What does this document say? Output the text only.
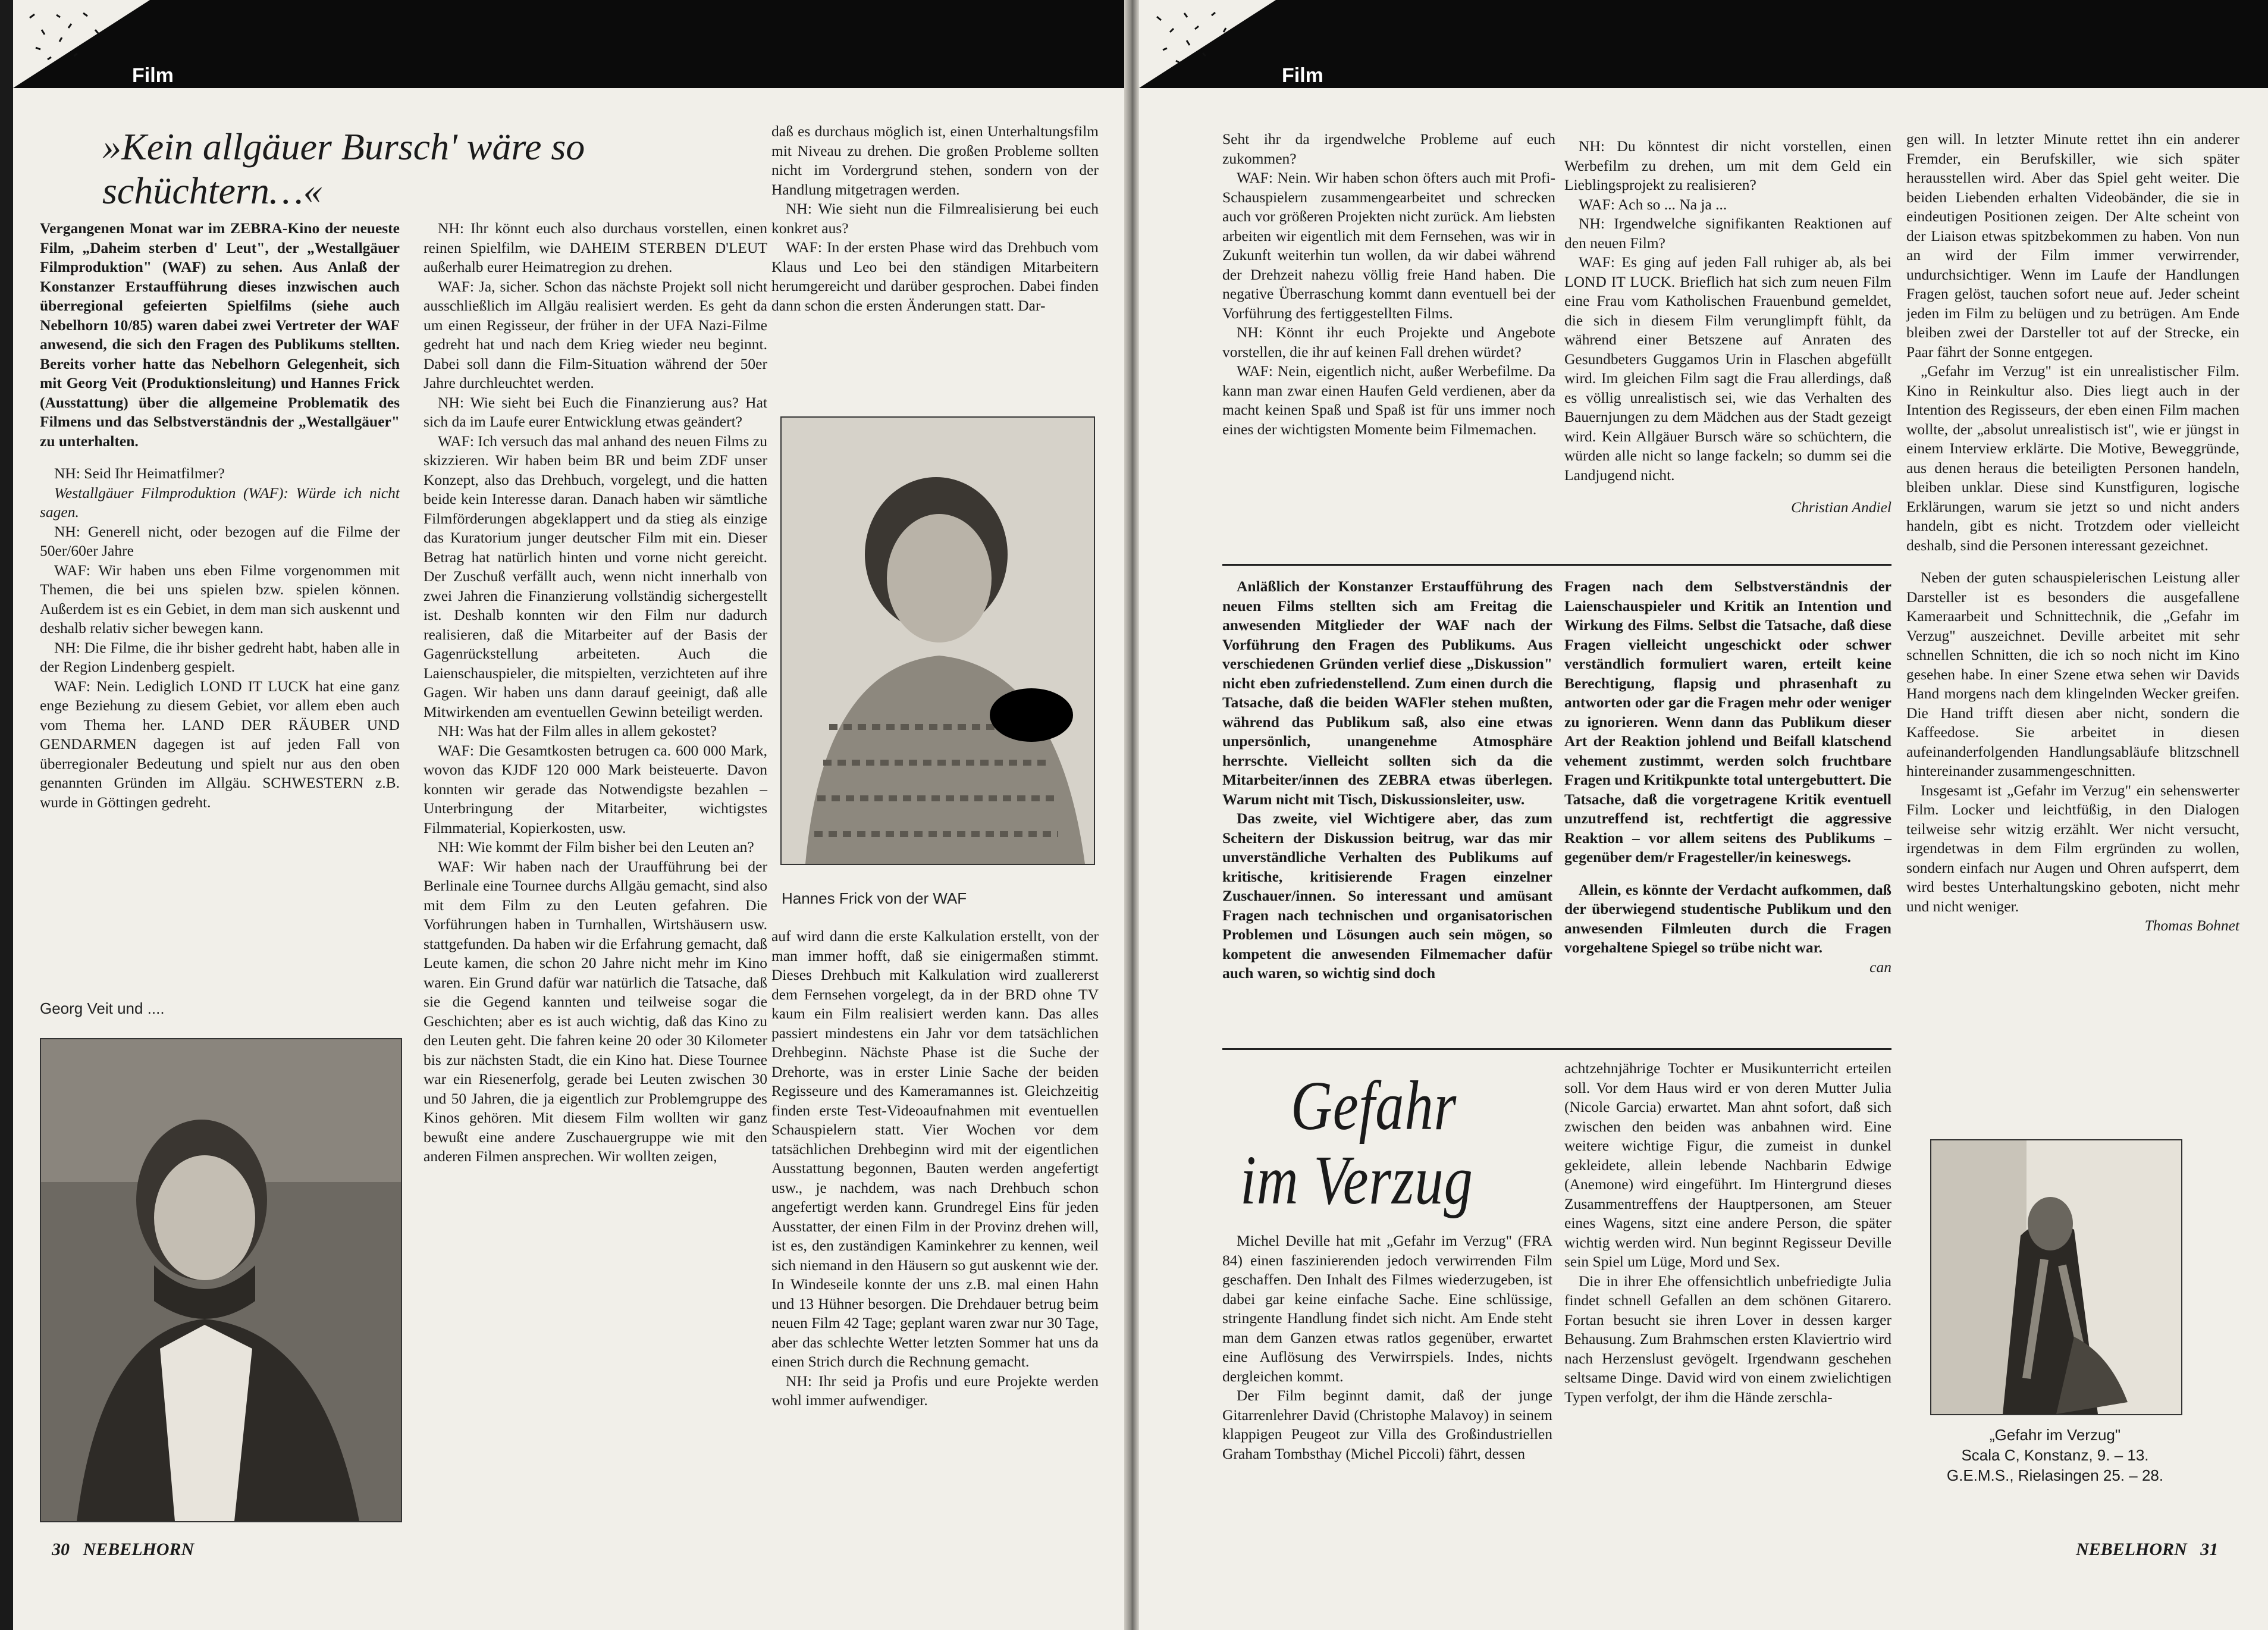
Film
»Kein allgäuer Bursch' wäre so schüchtern…«

Vergangenen Monat war im ZEBRA-Kino der neueste Film, „Daheim sterben d' Leut", der „Westallgäuer Filmproduktion" (WAF) zu sehen. Aus Anlaß der Konstanzer Erstaufführung dieses inzwischen auch überregional gefeierten Spielfilms (siehe auch Nebelhorn 10/85) waren dabei zwei Vertreter der WAF anwesend, die sich den Fragen des Publikums stellten. Bereits vorher hatte das Nebelhorn Gelegenheit, sich mit Georg Veit (Produktionsleitung) und Hannes Frick (Ausstattung) über die allgemeine Problematik des Filmens und das Selbstverständnis der „Westallgäuer" zu unterhalten.

NH: Seid Ihr Heimatfilmer?

Westallgäuer Filmproduktion (WAF): Würde ich nicht sagen.

NH: Generell nicht, oder bezogen auf die Filme der 50er/60er Jahre

WAF: Wir haben uns eben Filme vorgenommen mit Themen, die bei uns spielen bzw. spielen können. Außerdem ist es ein Gebiet, in dem man sich auskennt und deshalb relativ sicher bewegen kann.

NH: Die Filme, die ihr bisher gedreht habt, haben alle in der Region Lindenberg gespielt.

WAF: Nein. Lediglich LOND IT LUCK hat eine ganz enge Beziehung zu diesem Gebiet, vor allem eben auch vom Thema her. LAND DER RÄUBER UND GENDARMEN dagegen ist auf jeden Fall von überregionaler Bedeutung und spielt nur aus den oben genannten Gründen im Allgäu. SCHWESTERN z.B. wurde in Göttingen gedreht.

Georg Veit und ....

NH: Ihr könnt euch also durchaus vorstellen, einen reinen Spielfilm, wie DAHEIM STERBEN D'LEUT außerhalb eurer Heimatregion zu drehen.

WAF: Ja, sicher. Schon das nächste Projekt soll nicht ausschließlich im Allgäu realisiert werden. Es geht da um einen Regisseur, der früher in der UFA Nazi-Filme gedreht hat und nach dem Krieg wieder neu beginnt. Dabei soll dann die Film-Situation während der 50er Jahre durchleuchtet werden.

NH: Wie sieht bei Euch die Finanzierung aus? Hat sich da im Laufe eurer Entwicklung etwas geändert?

WAF: Ich versuch das mal anhand des neuen Films zu skizzieren. Wir haben beim BR und beim ZDF unser Konzept, also das Drehbuch, vorgelegt, und die hatten beide kein Interesse daran. Danach haben wir sämtliche Filmförderungen abgeklappert und da stieg als einzige das Kuratorium junger deutscher Film mit ein. Dieser Betrag hat natürlich hinten und vorne nicht gereicht. Der Zuschuß verfällt auch, wenn nicht innerhalb von zwei Jahren die Finanzierung vollständig sichergestellt ist. Deshalb konnten wir den Film nur dadurch realisieren, daß die Mitarbeiter auf der Basis der Gagenrückstellung arbeiteten. Auch die Laienschauspieler, die mitspielten, verzichteten auf ihre Gagen. Wir haben uns dann darauf geeinigt, daß alle Mitwirkenden am eventuellen Gewinn beteiligt werden.

NH: Was hat der Film alles in allem gekostet?

WAF: Die Gesamtkosten betrugen ca. 600 000 Mark, wovon das KJDF 120 000 Mark beisteuerte. Davon konnten wir gerade das Notwendigste bezahlen – Unterbringung der Mitarbeiter, wichtigstes Filmmaterial, Kopierkosten, usw.

NH: Wie kommt der Film bisher bei den Leuten an?

WAF: Wir haben nach der Uraufführung bei der Berlinale eine Tournee durchs Allgäu gemacht, sind also mit dem Film zu den Leuten gefahren. Die Vorführungen haben in Turnhallen, Wirtshäusern usw. stattgefunden. Da haben wir die Erfahrung gemacht, daß Leute kamen, die schon 20 Jahre nicht mehr im Kino waren. Ein Grund dafür war natürlich die Tatsache, daß sie die Gegend kannten und teilweise sogar die Geschichten; aber es ist auch wichtig, daß das Kino zu den Leuten geht. Die fahren keine 20 oder 30 Kilometer bis zur nächsten Stadt, die ein Kino hat. Diese Tournee war ein Riesenerfolg, gerade bei Leuten zwischen 30 und 50 Jahren, die ja eigentlich zur Problemgruppe des Kinos gehören. Mit diesem Film wollten wir ganz bewußt eine andere Zuschauergruppe wie mit den anderen Filmen ansprechen. Wir wollten zeigen,

daß es durchaus möglich ist, einen Unterhaltungsfilm mit Niveau zu drehen. Die großen Probleme sollten nicht im Vordergrund stehen, sondern von der Handlung mitgetragen werden.

NH: Wie sieht nun die Filmrealisierung bei euch konkret aus?

WAF: In der ersten Phase wird das Drehbuch vom Klaus und Leo bei den ständigen Mitarbeitern herumgereicht und darüber gesprochen. Dabei finden dann schon die ersten Änderungen statt. Dar-

Hannes Frick von der WAF

auf wird dann die erste Kalkulation erstellt, von der man immer hofft, daß sie einigermaßen stimmt. Dieses Drehbuch mit Kalkulation wird zuallererst dem Fernsehen vorgelegt, da in der BRD ohne TV kaum ein Film realisiert werden kann. Das alles passiert mindestens ein Jahr vor dem tatsächlichen Drehbeginn. Nächste Phase ist die Suche der Drehorte, was in erster Linie Sache der beiden Regisseure und des Kameramannes ist. Gleichzeitig finden erste Test-Videoaufnahmen mit eventuellen Schauspielern statt. Vier Wochen vor dem tatsächlichen Drehbeginn wird mit der eigentlichen Ausstattung begonnen, Bauten werden angefertigt usw., je nachdem, was nach Drehbuch schon angefertigt werden kann. Grundregel Eins für jeden Ausstatter, der einen Film in der Provinz drehen will, ist es, den zuständigen Kaminkehrer zu kennen, weil sich niemand in den Häusern so gut auskennt wie der. In Windeseile konnte der uns z.B. mal einen Hahn und 13 Hühner besorgen. Die Drehdauer betrug beim neuen Film 42 Tage; geplant waren zwar nur 30 Tage, aber das schlechte Wetter letzten Sommer hat uns da einen Strich durch die Rechnung gemacht.

NH: Ihr seid ja Profis und eure Projekte werden wohl immer aufwendiger.

30 NEBELHORN
Film

Seht ihr da irgendwelche Probleme auf euch zukommen?

WAF: Nein. Wir haben schon öfters auch mit Profi-Schauspielern zusammengearbeitet und schrecken auch vor größeren Projekten nicht zurück. Am liebsten arbeiten wir eigentlich mit dem Fernsehen, was wir in Zukunft weiterhin tun wollen, da wir dabei während der Drehzeit nahezu völlig freie Hand haben. Die negative Überraschung kommt dann eventuell bei der Vorführung des fertiggestellten Films.

NH: Könnt ihr euch Projekte und Angebote vorstellen, die ihr auf keinen Fall drehen würdet?

WAF: Nein, eigentlich nicht, außer Werbefilme. Da kann man zwar einen Haufen Geld verdienen, aber da macht keinen Spaß und Spaß ist für uns immer noch eines der wichtigsten Momente beim Filmemachen.

NH: Du könntest dir nicht vorstellen, einen Werbefilm zu drehen, um mit dem Geld ein Lieblingsprojekt zu realisieren?

WAF: Ach so ... Na ja ...

NH: Irgendwelche signifikanten Reaktionen auf den neuen Film?

WAF: Es ging auf jeden Fall ruhiger ab, als bei LOND IT LUCK. Brieflich hat sich zum neuen Film eine Frau vom Katholischen Frauenbund gemeldet, die sich in diesem Film verunglimpft fühlt, da während einer Betszene auf Anraten des Gesundbeters Guggamos Urin in Flaschen abgefüllt wird. Im gleichen Film sagt die Frau allerdings, daß es völlig unrealistisch sei, wie das Verhalten des Bauernjungen zu dem Mädchen aus der Stadt gezeigt wird. Kein Allgäuer Bursch wäre so schüchtern, die würden alle nicht so lange fackeln; so dumm sei die Landjugend nicht.

Christian Andiel

Anläßlich der Konstanzer Erstaufführung des neuen Films stellten sich am Freitag die anwesenden Mitglieder der WAF nach der Vorführung den Fragen des Publikums. Aus verschiedenen Gründen verlief diese „Diskussion" nicht eben zufriedenstellend. Zum einen durch die Tatsache, daß die beiden WAFler stehen mußten, während das Publikum saß, also eine etwas unpersönlich, unangenehme Atmosphäre herrschte. Vielleicht sollten sich da die Mitarbeiter/innen des ZEBRA etwas überlegen. Warum nicht mit Tisch, Diskussionsleiter, usw.

Das zweite, viel Wichtigere aber, das zum Scheitern der Diskussion beitrug, war das mir unverständliche Verhalten des Publikums auf kritische, kritisierende Fragen einzelner Zuschauer/innen. So interessant und amüsant Fragen nach technischen und organisatorischen Problemen und Lösungen auch sein mögen, so kompetent die anwesenden Filmemacher dafür auch waren, so wichtig sind doch

Fragen nach dem Selbstverständnis der Laienschauspieler und Kritik an Intention und Wirkung des Films. Selbst die Tatsache, daß diese Fragen vielleicht ungeschickt oder schwer verständlich formuliert waren, erteilt keine Berechtigung, flapsig und phrasenhaft zu antworten oder gar die Fragen mehr oder weniger zu ignorieren. Wenn dann das Publikum dieser Art der Reaktion johlend und Beifall klatschend vehement zustimmt, werden solch fruchtbare Fragen und Kritikpunkte total untergebuttert. Die Tatsache, daß die vorgetragene Kritik eventuell unzutreffend ist, rechtfertigt die aggressive Reaktion – vor allem seitens des Publikums – gegenüber dem/r Fragesteller/in keineswegs.

Allein, es könnte der Verdacht aufkommen, daß der überwiegend studentische Publikum und den anwesenden Filmleuten durch die Fragen vorgehaltene Spiegel so trübe nicht war.

can

Gefahr
im Verzug

Michel Deville hat mit „Gefahr im Verzug" (FRA 84) einen faszinierenden jedoch verwirrenden Film geschaffen. Den Inhalt des Filmes wiederzugeben, ist dabei gar keine einfache Sache. Eine schlüssige, stringente Handlung findet sich nicht. Am Ende steht man dem Ganzen etwas ratlos gegenüber, erwartet eine Auflösung des Verwirrspiels. Indes, nichts dergleichen kommt.

Der Film beginnt damit, daß der junge Gitarrenlehrer David (Christophe Malavoy) in seinem klappigen Peugeot zur Villa des Großindustriellen Graham Tombsthay (Michel Piccoli) fährt, dessen

achtzehnjährige Tochter er Musikunterricht erteilen soll. Vor dem Haus wird er von deren Mutter Julia (Nicole Garcia) erwartet. Man ahnt sofort, daß sich zwischen den beiden was anbahnen wird. Eine weitere wichtige Figur, die zumeist in dunkel gekleidete, allein lebende Nachbarin Edwige (Anemone) wird eingeführt. Im Hintergrund dieses Zusammentreffens der Hauptpersonen, am Steuer eines Wagens, sitzt eine andere Person, die später wichtig werden wird. Nun beginnt Regisseur Deville sein Spiel um Lüge, Mord und Sex.

Die in ihrer Ehe offensichtlich unbefriedigte Julia findet schnell Gefallen an dem schönen Gitarero. Fortan besucht sie ihren Lover in dessen karger Behausung. Zum Brahmschen ersten Klaviertrio wird nach Herzenslust gevögelt. Irgendwann geschehen seltsame Dinge. David wird von einem zwielichtigen Typen verfolgt, der ihm die Hände zerschla-

gen will. In letzter Minute rettet ihn ein anderer Fremder, ein Berufskiller, wie sich später herausstellen wird. Aber das Spiel geht weiter. Die beiden Liebenden erhalten Videobänder, die sie in eindeutigen Positionen zeigen. Der Alte scheint von der Liaison etwas spitzbekommen zu haben. Von nun an wird der Film immer verwirrender, undurchsichtiger. Wenn im Laufe der Handlungen Fragen gelöst, tauchen sofort neue auf. Jeder scheint jeden im Film zu belügen und zu betrügen. Am Ende bleiben zwei der Darsteller tot auf der Strecke, ein Paar fährt der Sonne entgegen.

„Gefahr im Verzug" ist ein unrealistischer Film. Kino in Reinkultur also. Dies liegt auch in der Intention des Regisseurs, der eben einen Film machen wollte, der „absolut unrealistisch ist", wie er jüngst in einem Interview erklärte. Die Motive, Beweggründe, aus denen heraus die beteiligten Personen handeln, bleiben unklar. Diese sind Kunstfiguren, logische Erklärungen, warum sie jetzt so und nicht anders handeln, gibt es nicht. Trotzdem oder vielleicht deshalb, sind die Personen interessant gezeichnet.

Neben der guten schauspielerischen Leistung aller Darsteller ist es besonders die ausgefallene Kameraarbeit und Schnittechnik, die „Gefahr im Verzug" auszeichnet. Deville arbeitet mit sehr schnellen Schnitten, die ich so noch nicht im Kino gesehen habe. In einer Szene etwa sehen wir Davids Hand morgens nach dem klingelnden Wecker greifen. Die Hand trifft diesen aber nicht, sondern die Kaffeedose. Sie arbeitet in diesen aufeinanderfolgenden Handlungsabläufe blitzschnell hintereinander zusammengeschnitten.

Insgesamt ist „Gefahr im Verzug" ein sehenswerter Film. Locker und leichtfüßig, in den Dialogen teilweise sehr witzig erzählt. Wer nicht versucht, irgendetwas in dem Film ergründen zu wollen, sondern einfach nur Augen und Ohren aufsperrt, dem wird bestes Unterhaltungskino geboten, nicht mehr und nicht weniger.

Thomas Bohnet

„Gefahr im Verzug"
Scala C, Konstanz, 9. – 13.
G.E.M.S., Rielasingen 25. – 28.
NEBELHORN 31
